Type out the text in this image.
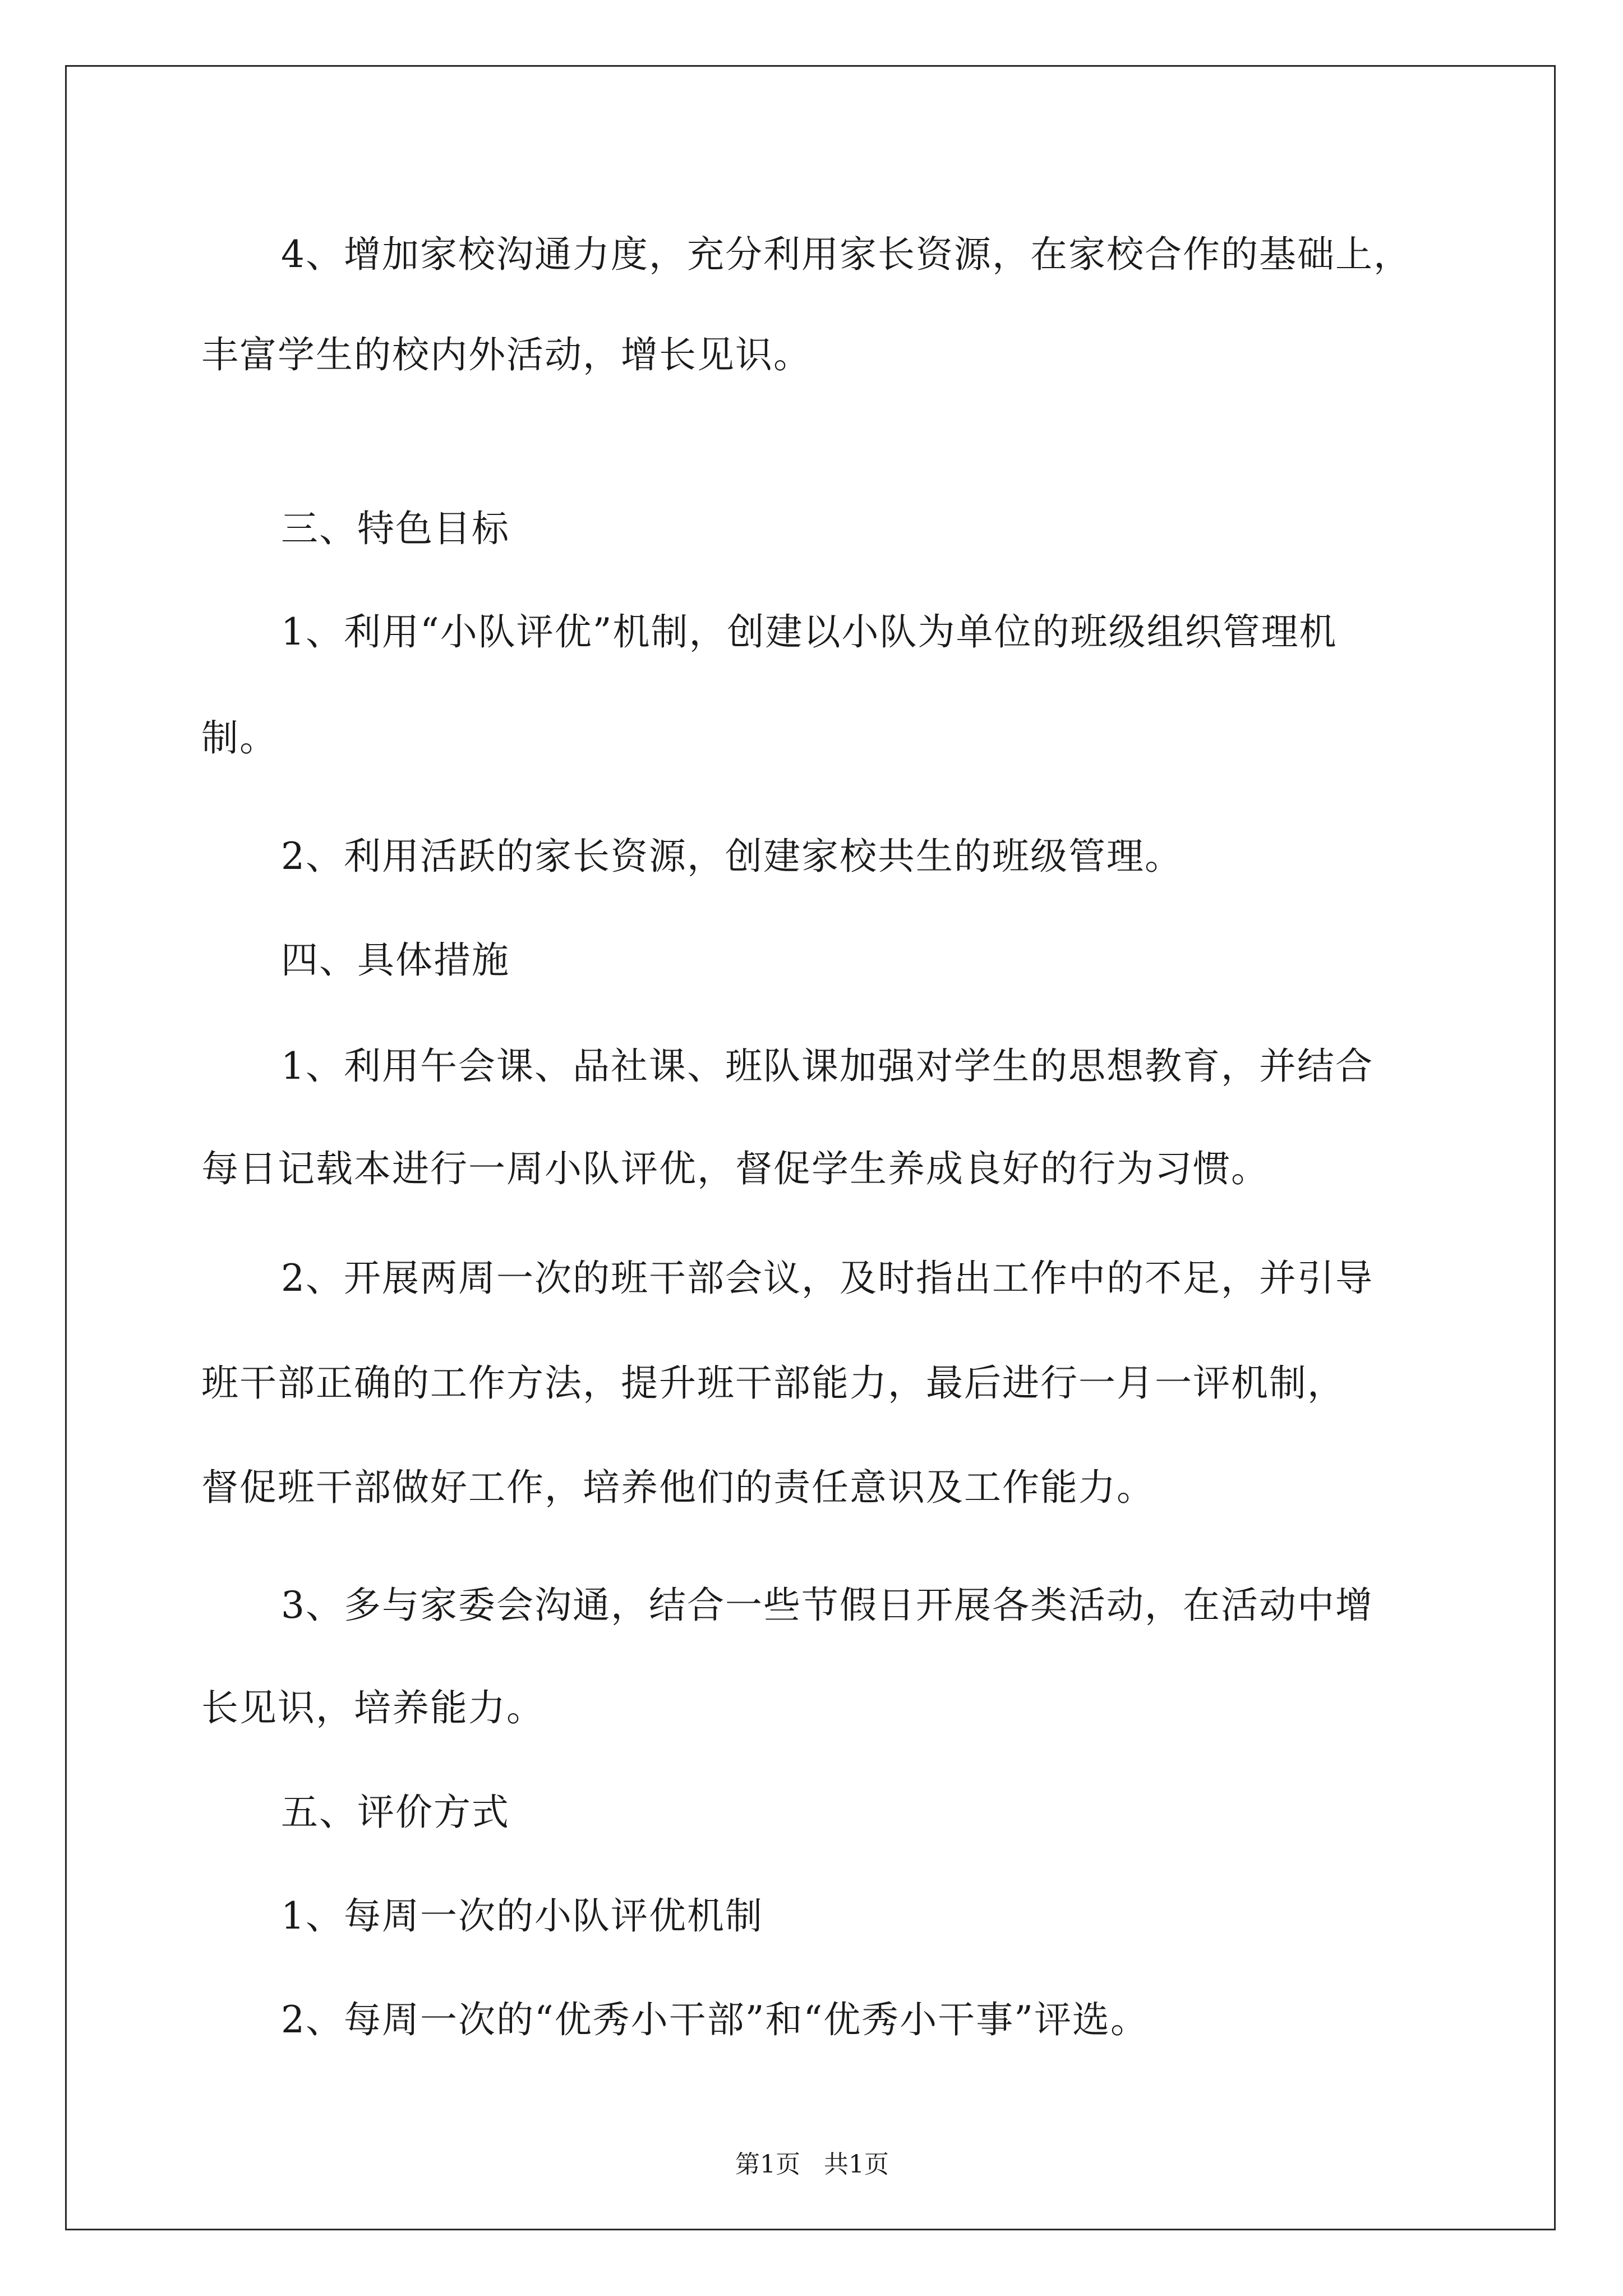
4、增加家校沟通力度，充分利用家长资源，在家校合作的基础上，

丰富学生的校内外活动，增长见识。

三、特色目标

1、利用“小队评优”机制，创建以小队为单位的班级组织管理机

制。

2、利用活跃的家长资源，创建家校共生的班级管理。

四、具体措施

1、利用午会课、品社课、班队课加强对学生的思想教育，并结合

每日记载本进行一周小队评优，督促学生养成良好的行为习惯。

2、开展两周一次的班干部会议，及时指出工作中的不足，并引导

班干部正确的工作方法，提升班干部能力，最后进行一月一评机制，

督促班干部做好工作，培养他们的责任意识及工作能力。

3、多与家委会沟通，结合一些节假日开展各类活动，在活动中增

长见识，培养能力。

五、评价方式

1、每周一次的小队评优机制

2、每周一次的“优秀小干部”和“优秀小干事”评选。

第1页   共1页
